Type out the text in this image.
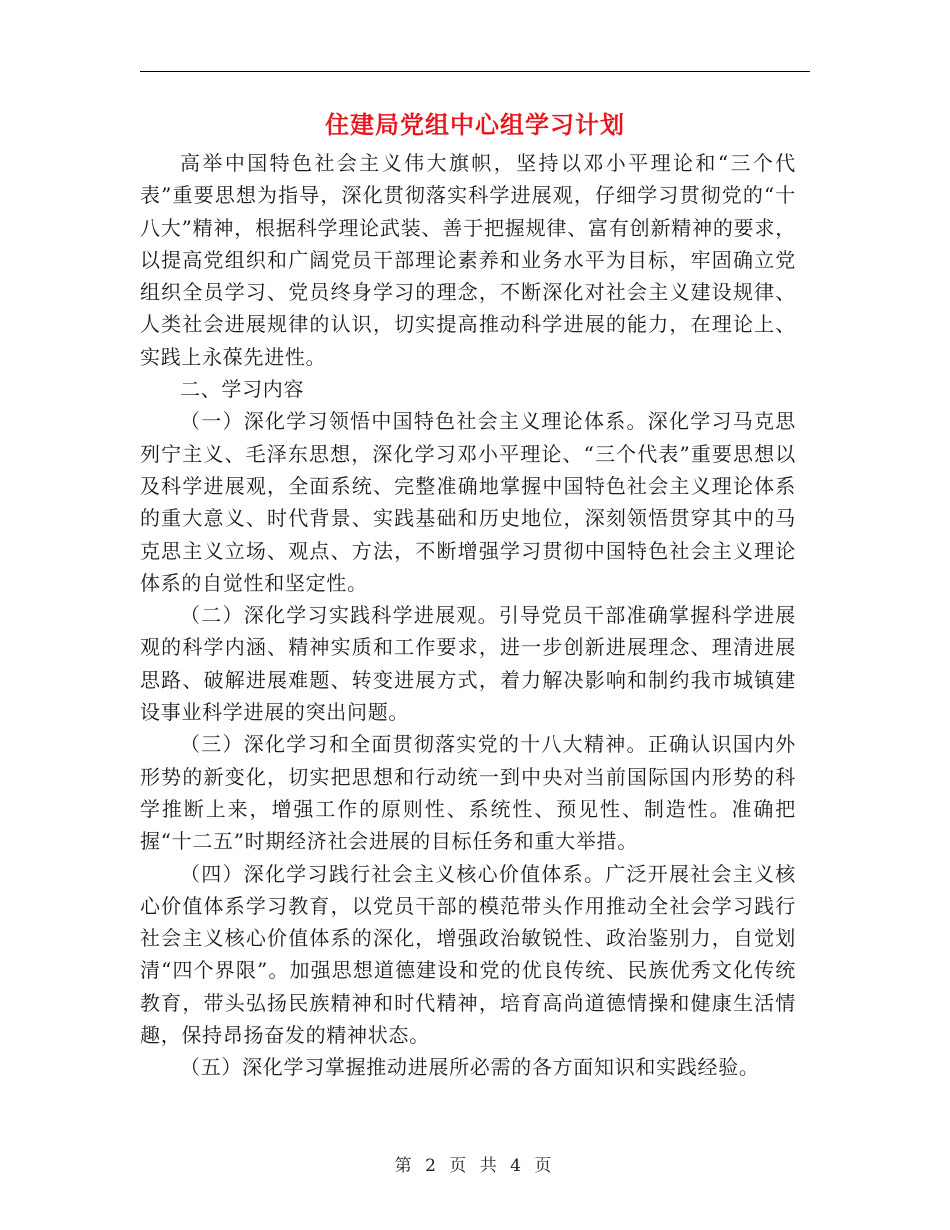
住建局党组中心组学习计划

高举中国特色社会主义伟大旗帜，坚持以邓小平理论和“三个代表”重要思想为指导，深化贯彻落实科学进展观，仔细学习贯彻党的“十八大”精神，根据科学理论武装、善于把握规律、富有创新精神的要求，以提高党组织和广阔党员干部理论素养和业务水平为目标，牢固确立党组织全员学习、党员终身学习的理念，不断深化对社会主义建设规律、人类社会进展规律的认识，切实提高推动科学进展的能力，在理论上、实践上永葆先进性。

二、学习内容

（一）深化学习领悟中国特色社会主义理论体系。深化学习马克思列宁主义、毛泽东思想，深化学习邓小平理论、“三个代表”重要思想以及科学进展观，全面系统、完整准确地掌握中国特色社会主义理论体系的重大意义、时代背景、实践基础和历史地位，深刻领悟贯穿其中的马克思主义立场、观点、方法，不断增强学习贯彻中国特色社会主义理论体系的自觉性和坚定性。

（二）深化学习实践科学进展观。引导党员干部准确掌握科学进展观的科学内涵、精神实质和工作要求，进一步创新进展理念、理清进展思路、破解进展难题、转变进展方式，着力解决影响和制约我市城镇建设事业科学进展的突出问题。

（三）深化学习和全面贯彻落实党的十八大精神。正确认识国内外形势的新变化，切实把思想和行动统一到中央对当前国际国内形势的科学推断上来，增强工作的原则性、系统性、预见性、制造性。准确把握“十二五”时期经济社会进展的目标任务和重大举措。

（四）深化学习践行社会主义核心价值体系。广泛开展社会主义核心价值体系学习教育，以党员干部的模范带头作用推动全社会学习践行社会主义核心价值体系的深化，增强政治敏锐性、政治鉴别力，自觉划清“四个界限”。加强思想道德建设和党的优良传统、民族优秀文化传统教育，带头弘扬民族精神和时代精神，培育高尚道德情操和健康生活情趣，保持昂扬奋发的精神状态。

（五）深化学习掌握推动进展所必需的各方面知识和实践经验。

第 2 页 共 4 页
